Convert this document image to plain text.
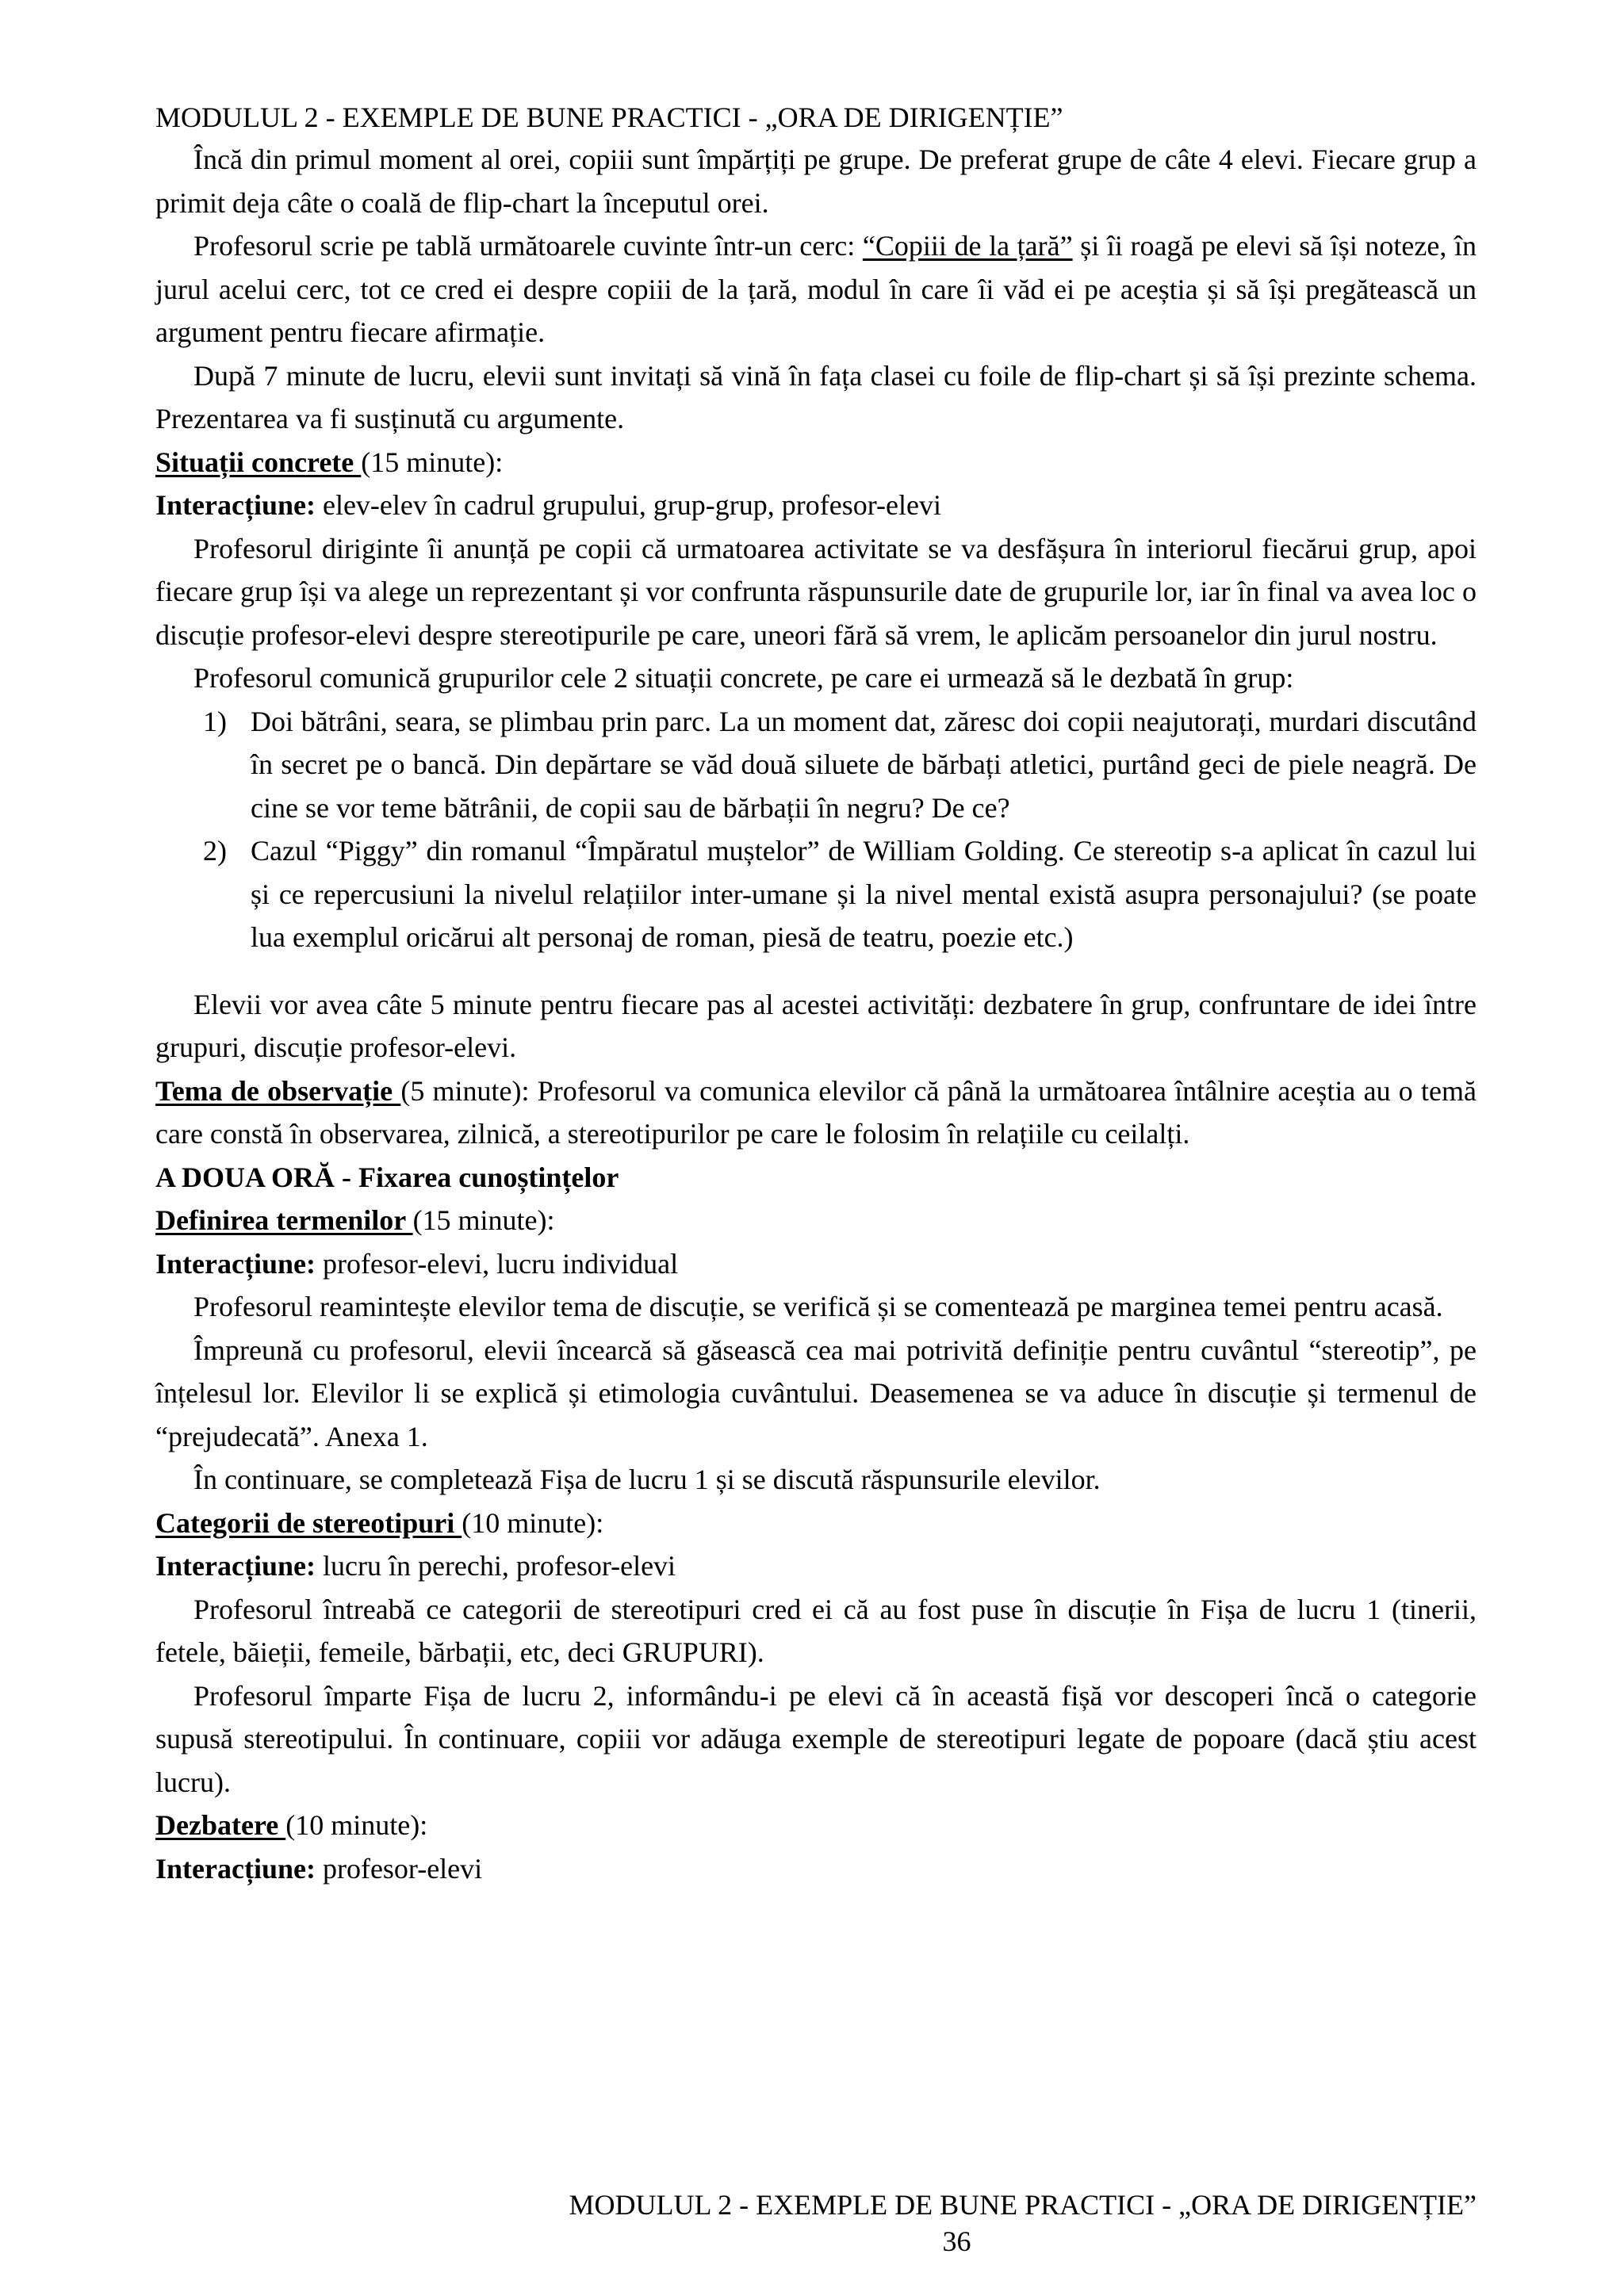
MODULUL 2 - EXEMPLE DE BUNE PRACTICI - „ORA DE DIRIGENȚIE”

Încă din primul moment al orei, copiii sunt împărțiți pe grupe. De preferat grupe de câte 4 elevi. Fiecare grup a primit deja câte o coală de flip-chart la începutul orei.

Profesorul scrie pe tablă următoarele cuvinte într-un cerc: “Copiii de la țară” și îi roagă pe elevi să își noteze, în jurul acelui cerc, tot ce cred ei despre copiii de la țară, modul în care îi văd ei pe aceștia și să își pregătească un argument pentru fiecare afirmație.

După 7 minute de lucru, elevii sunt invitați să vină în fața clasei cu foile de flip-chart și să își prezinte schema. Prezentarea va fi susținută cu argumente.

Situații concrete (15 minute):

Interacțiune: elev-elev în cadrul grupului, grup-grup, profesor-elevi

Profesorul diriginte îi anunță pe copii că urmatoarea activitate se va desfășura în interiorul fiecărui grup, apoi fiecare grup își va alege un reprezentant și vor confrunta răspunsurile date de grupurile lor, iar în final va avea loc o discuție profesor-elevi despre stereotipurile pe care, uneori fără să vrem, le aplicăm persoanelor din jurul nostru.

Profesorul comunică grupurilor cele 2 situații concrete, pe care ei urmează să le dezbată în grup:

1) Doi bătrâni, seara, se plimbau prin parc. La un moment dat, zăresc doi copii neajutorați, murdari discutând în secret pe o bancă. Din depărtare se văd două siluete de bărbați atletici, purtând geci de piele neagră. De cine se vor teme bătrânii, de copii sau de bărbații în negru? De ce?
2) Cazul “Piggy” din romanul “Împăratul muștelor” de William Golding. Ce stereotip s-a aplicat în cazul lui și ce repercusiuni la nivelul relațiilor inter-umane și la nivel mental există asupra personajului? (se poate lua exemplul oricărui alt personaj de roman, piesă de teatru, poezie etc.)

Elevii vor avea câte 5 minute pentru fiecare pas al acestei activități: dezbatere în grup, confruntare de idei între grupuri, discuție profesor-elevi.

Tema de observație (5 minute): Profesorul va comunica elevilor că până la următoarea întâlnire aceștia au o temă care constă în observarea, zilnică, a stereotipurilor pe care le folosim în relațiile cu ceilalți.

A DOUA ORĂ - Fixarea cunoștințelor

Definirea termenilor (15 minute):

Interacțiune: profesor-elevi, lucru individual

Profesorul reamintește elevilor tema de discuție, se verifică și se comentează pe marginea temei pentru acasă.

Împreună cu profesorul, elevii încearcă să găsească cea mai potrivită definiție pentru cuvântul “stereotip”, pe înțelesul lor. Elevilor li se explică și etimologia cuvântului. Deasemenea se va aduce în discuție și termenul de “prejudecată”. Anexa 1.

În continuare, se completează Fișa de lucru 1 și se discută răspunsurile elevilor.

Categorii de stereotipuri (10 minute):

Interacțiune: lucru în perechi, profesor-elevi

Profesorul întreabă ce categorii de stereotipuri cred ei că au fost puse în discuție în Fișa de lucru 1 (tinerii, fetele, băieții, femeile, bărbații, etc, deci GRUPURI).

Profesorul împarte Fișa de lucru 2, informându-i pe elevi că în această fișă vor descoperi încă o categorie supusă stereotipului. În continuare, copiii vor adăuga exemple de stereotipuri legate de popoare (dacă știu acest lucru).

Dezbatere (10 minute):

Interacțiune: profesor-elevi

MODULUL 2 - EXEMPLE DE BUNE PRACTICI - „ORA DE DIRIGENȚIE”

36
